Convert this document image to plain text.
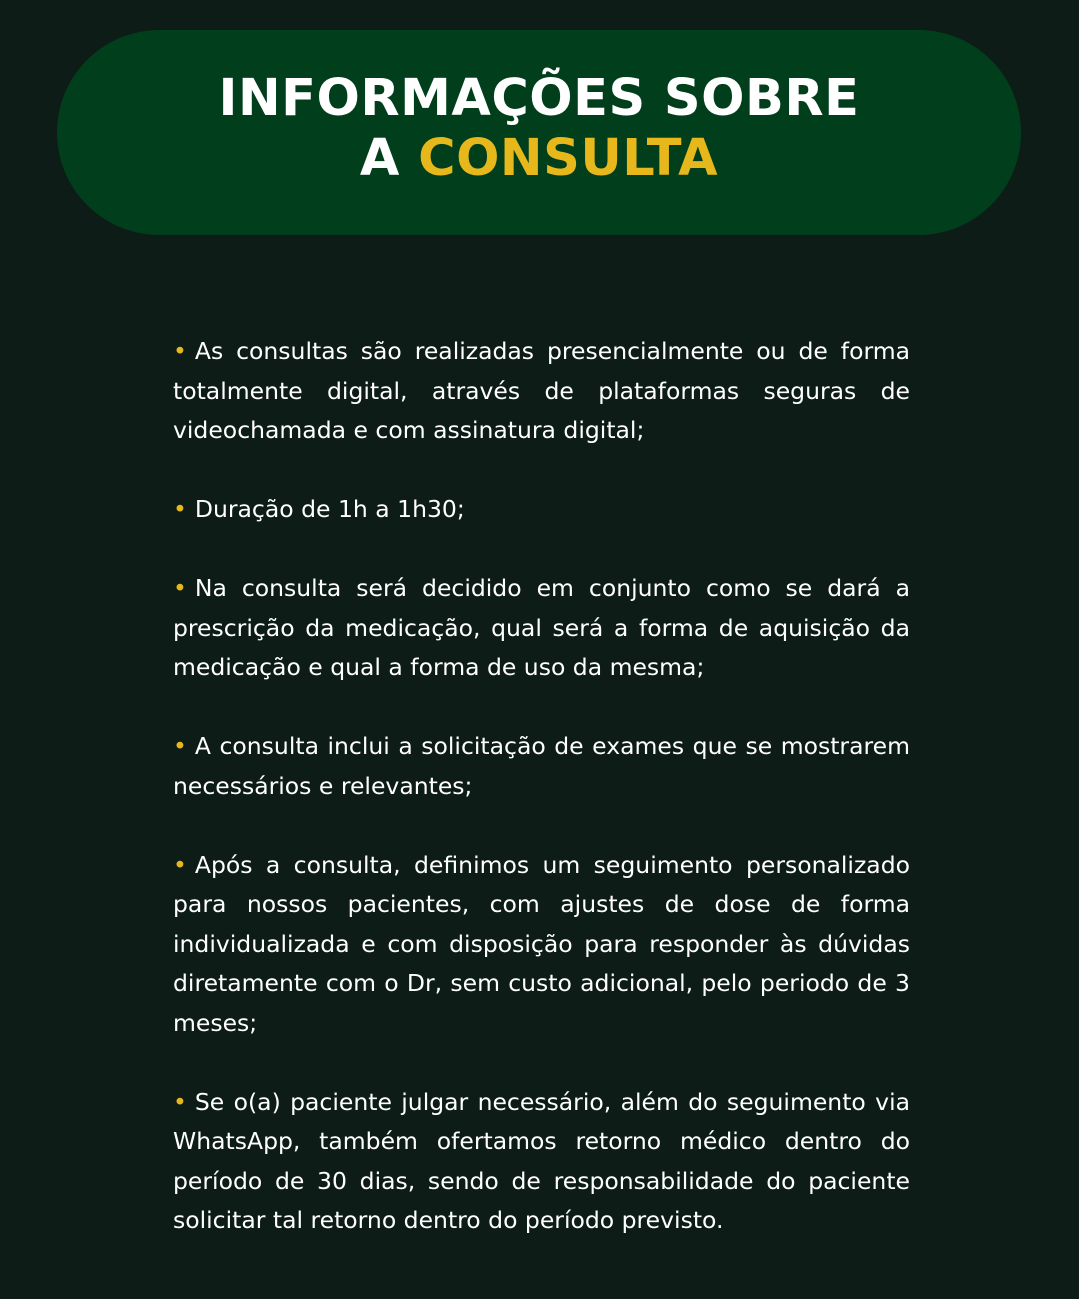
INFORMAÇÕES SOBRE
A CONSULTA

• As consultas são realizadas presencialmente ou de forma totalmente digital, através de plataformas seguras de videochamada e com assinatura digital;

• Duração de 1h a 1h30;

• Na consulta será decidido em conjunto como se dará a prescrição da medicação, qual será a forma de aquisição da medicação e qual a forma de uso da mesma;

• A consulta inclui a solicitação de exames que se mostrarem necessários e relevantes;

• Após a consulta, definimos um seguimento personalizado para nossos pacientes, com ajustes de dose de forma individualizada e com disposição para responder às dúvidas diretamente com o Dr, sem custo adicional, pelo periodo de 3 meses;

• Se o(a) paciente julgar necessário, além do seguimento via WhatsApp, também ofertamos retorno médico dentro do período de 30 dias, sendo de responsabilidade do paciente solicitar tal retorno dentro do período previsto.
